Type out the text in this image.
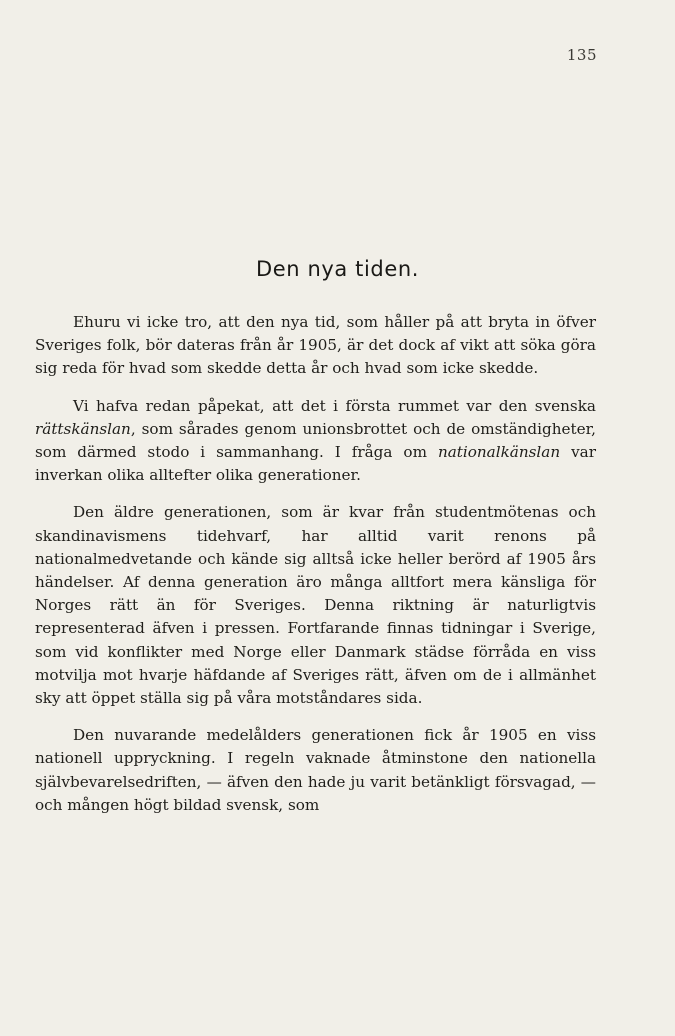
135
Den nya tiden.

Ehuru vi icke tro, att den nya tid, som håller på att bryta in öfver Sveriges folk, bör dateras från år 1905, är det dock af vikt att söka göra sig reda för hvad som skedde detta år och hvad som icke skedde.

Vi hafva redan påpekat, att det i första rummet var den svenska rättskänslan, som sårades genom unionsbrottet och de omständigheter, som därmed stodo i sammanhang. I fråga om nationalkänslan var inverkan olika alltefter olika generationer.

Den äldre generationen, som är kvar från studentmötenas och skandinavismens tidehvarf, har alltid varit renons på nationalmedvetande och kände sig alltså icke heller berörd af 1905 års händelser. Af denna generation äro många alltfort mera känsliga för Norges rätt än för Sveriges. Denna riktning är naturligtvis representerad äfven i pressen. Fortfarande finnas tidningar i Sverige, som vid konflikter med Norge eller Danmark städse förråda en viss motvilja mot hvarje häfdande af Sveriges rätt, äfven om de i allmänhet sky att öppet ställa sig på våra motståndares sida.

Den nuvarande medelålders generationen fick år 1905 en viss nationell uppryckning. I regeln vaknade åtminstone den nationella självbevarelsedriften, — äfven den hade ju varit betänkligt försvagad, — och mången högt bildad svensk, som
